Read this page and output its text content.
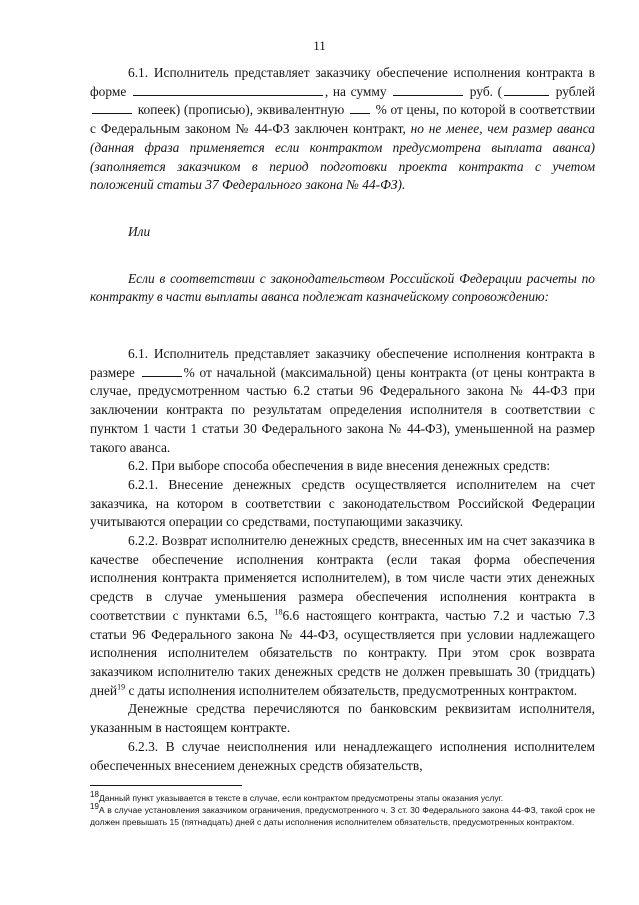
11

6.1. Исполнитель представляет заказчику обеспечение исполнения контракта в форме	, на сумму	руб. (	рублей  копеек) (прописью), эквивалентную % от цены, по которой в соответствии с Федеральным законом № 44-ФЗ заключен контракт, но не менее, чем размер аванса (данная фраза применяется если контрактом предусмотрена выплата аванса) (заполняется заказчиком в период подготовки проекта контракта с учетом положений статьи 37 Федерального закона № 44-ФЗ).

Или

Если в соответствии с законодательством Российской Федерации расчеты по контракту в части выплаты аванса подлежат казначейскому сопровождению:

6.1. Исполнитель представляет заказчику обеспечение исполнения контракта в размере	% от начальной (максимальной) цены контракта (от цены контракта в случае, предусмотренном частью 6.2 статьи 96 Федерального закона № 44-ФЗ при заключении контракта по результатам определения исполнителя в соответствии с пунктом 1 части 1 статьи 30 Федерального закона № 44-ФЗ), уменьшенной на размер такого аванса.

6.2. При выборе способа обеспечения в виде внесения денежных средств:

6.2.1. Внесение денежных средств осуществляется исполнителем на счет заказчика, на котором в соответствии с законодательством Российской Федерации учитываются операции со средствами, поступающими заказчику.

6.2.2. Возврат исполнителю денежных средств, внесенных им на счет заказчика в качестве обеспечение исполнения контракта (если такая форма обеспечения исполнения контракта применяется исполнителем), в том числе части этих денежных средств в случае уменьшения размера обеспечения исполнения контракта в соответствии с пунктами 6.5, $^{18}$6.6 настоящего контракта, частью 7.2 и частью 7.3 статьи 96 Федерального закона № 44-ФЗ, осуществляется при условии надлежащего исполнения исполнителем обязательств по контракту. При этом срок возврата заказчиком исполнителю таких денежных средств не должен превышать 30 (тридцать) дней$^{19}$ с даты исполнения исполнителем обязательств, предусмотренных контрактом.

Денежные средства перечисляются по банковским реквизитам исполнителя, указанным в настоящем контракте.

6.2.3. В случае неисполнения или ненадлежащего исполнения исполнителем обеспеченных внесением денежных средств обязательств,

$^{18}$Данный пункт указывается в тексте в случае, если контрактом предусмотрены этапы оказания услуг.

$^{19}$А в случае установления заказчиком ограничения, предусмотренного ч. 3 ст. 30 Федерального закона 44-ФЗ, такой срок не должен превышать 15 (пятнадцать) дней с даты исполнения исполнителем обязательств, предусмотренных контрактом.
